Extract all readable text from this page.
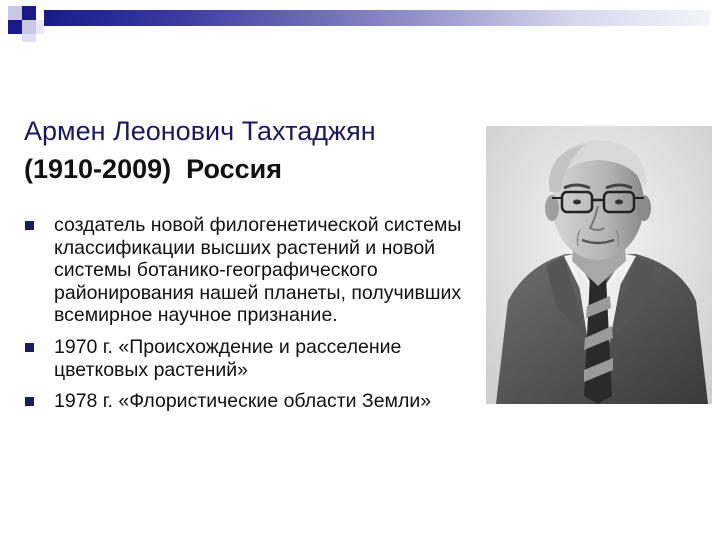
Армен Леонович Тахтаджян
(1910-2009) Россия
создатель новой филогенетической системы классификации высших растений и новой системы ботанико-географического районирования нашей планеты, получивших всемирное научное признание.
1970 г. «Происхождение и расселение цветковых растений»
1978 г. «Флористические области Земли»
